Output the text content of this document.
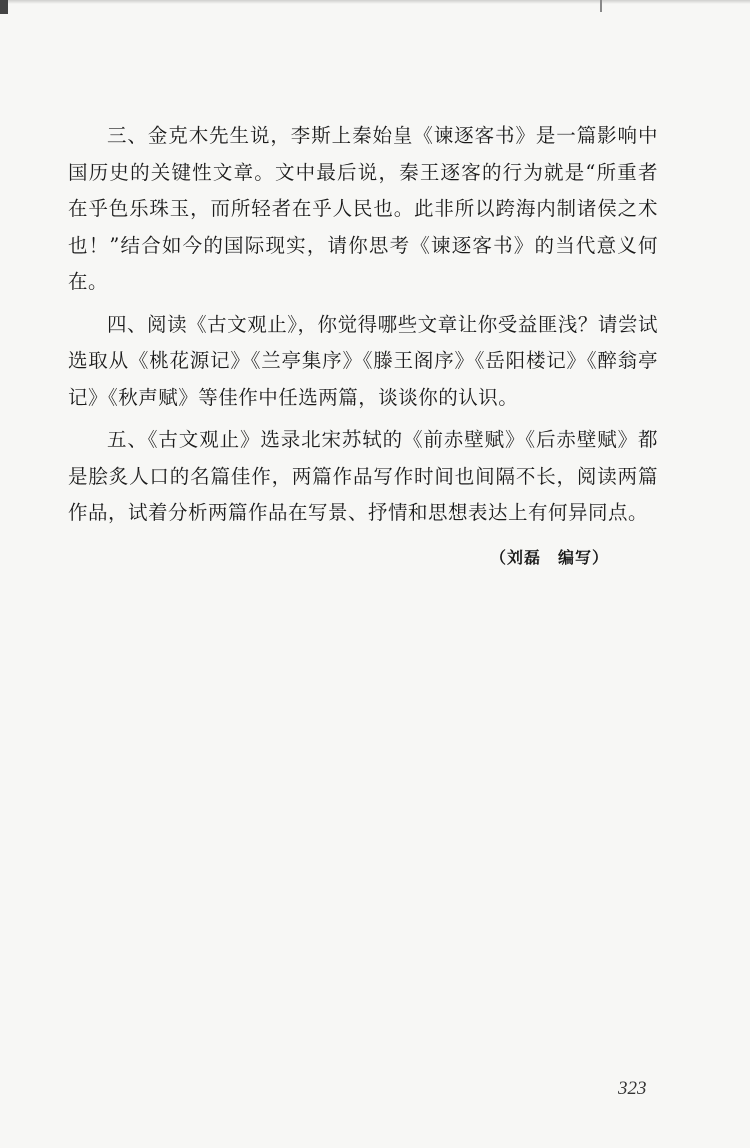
三、金克木先生说，李斯上秦始皇《谏逐客书》是一篇影响中国历史的关键性文章。文中最后说，秦王逐客的行为就是“所重者在乎色乐珠玉，而所轻者在乎人民也。此非所以跨海内制诸侯之术也！”结合如今的国际现实，请你思考《谏逐客书》的当代意义何在。

四、阅读《古文观止》，你觉得哪些文章让你受益匪浅？请尝试选取从《桃花源记》《兰亭集序》《滕王阁序》《岳阳楼记》《醉翁亭记》《秋声赋》等佳作中任选两篇，谈谈你的认识。

五、《古文观止》选录北宋苏轼的《前赤壁赋》《后赤壁赋》都是脍炙人口的名篇佳作，两篇作品写作时间也间隔不长，阅读两篇作品，试着分析两篇作品在写景、抒情和思想表达上有何异同点。

（刘磊　编写）
323
